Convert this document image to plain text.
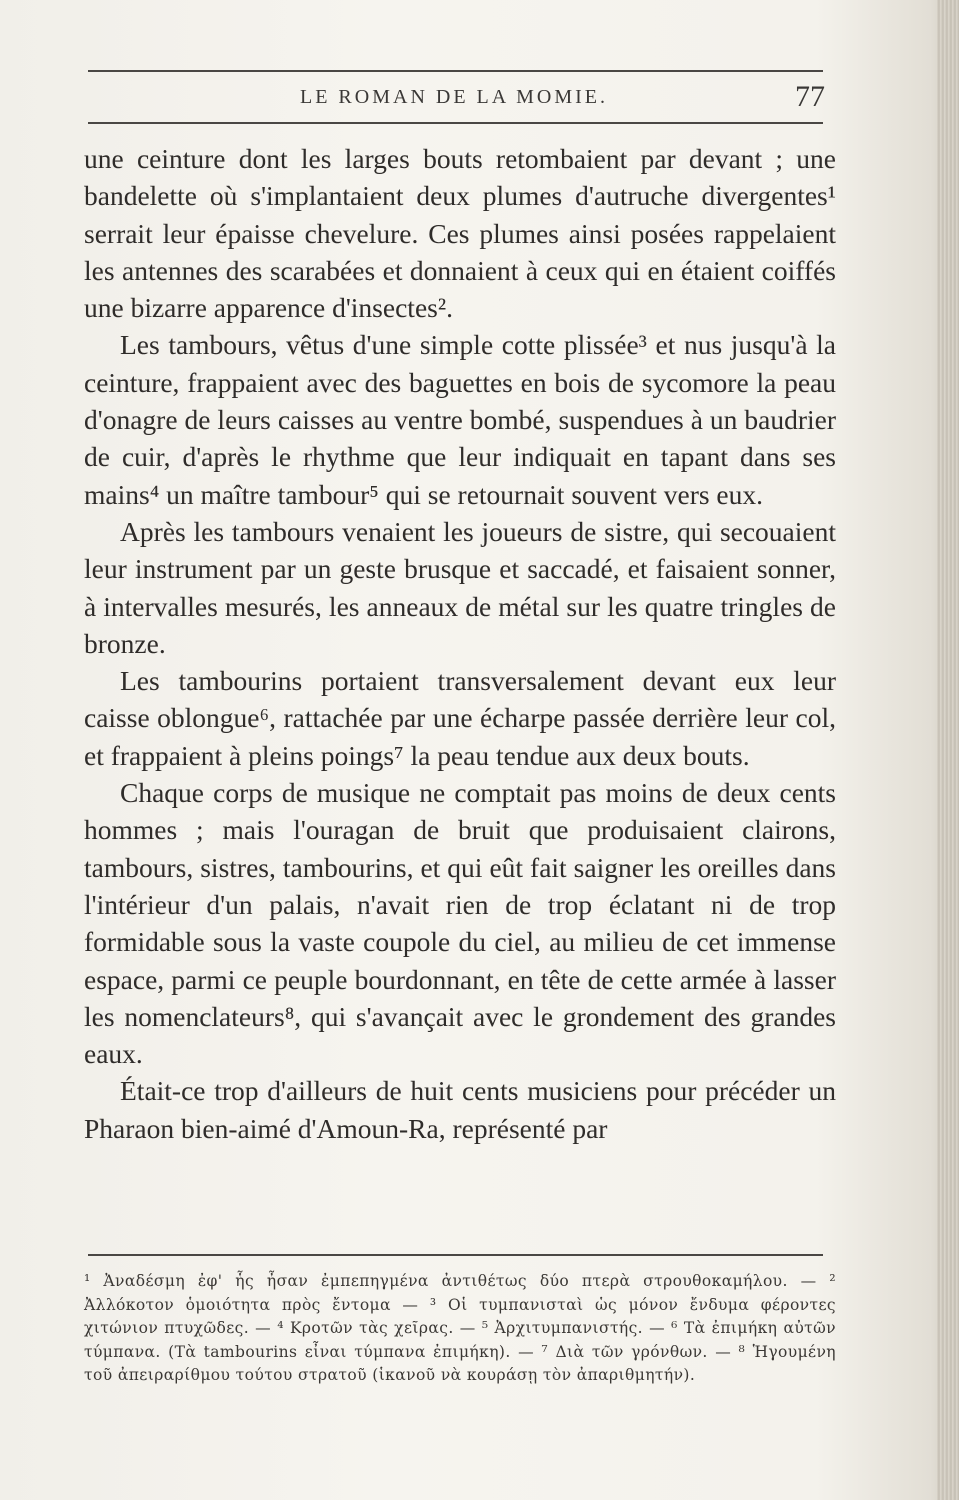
LE ROMAN DE LA MOMIE.	77

une ceinture dont les larges bouts retombaient par devant ; une bandelette où s'implantaient deux plumes d'autruche divergentes¹ serrait leur épaisse chevelure. Ces plumes ainsi posées rappelaient les antennes des scarabées et donnaient à ceux qui en étaient coiffés une bizarre apparence d'insectes².

Les tambours, vêtus d'une simple cotte plissée³ et nus jusqu'à la ceinture, frappaient avec des baguettes en bois de sycomore la peau d'onagre de leurs caisses au ventre bombé, suspendues à un baudrier de cuir, d'après le rhythme que leur indiquait en tapant dans ses mains⁴ un maître tambour⁵ qui se retournait souvent vers eux.

Après les tambours venaient les joueurs de sistre, qui secouaient leur instrument par un geste brusque et saccadé, et faisaient sonner, à intervalles mesurés, les anneaux de métal sur les quatre tringles de bronze.

Les tambourins portaient transversalement devant eux leur caisse oblongue⁶, rattachée par une écharpe passée derrière leur col, et frappaient à pleins poings⁷ la peau tendue aux deux bouts.

Chaque corps de musique ne comptait pas moins de deux cents hommes ; mais l'ouragan de bruit que produisaient clairons, tambours, sistres, tambourins, et qui eût fait saigner les oreilles dans l'intérieur d'un palais, n'avait rien de trop éclatant ni de trop formidable sous la vaste coupole du ciel, au milieu de cet immense espace, parmi ce peuple bourdonnant, en tête de cette armée à lasser les nomenclateurs⁸, qui s'avançait avec le grondement des grandes eaux.

Était-ce trop d'ailleurs de huit cents musiciens pour précéder un Pharaon bien-aimé d'Amoun-Ra, représenté par

¹ Ἀναδέσμη ἐφ' ἧς ἦσαν ἐμπεπηγμένα ἀντιθέτως δύο πτερὰ στρουθοκαμήλου. — ² Ἀλλόκοτον ὁμοιότητα πρὸς ἔντομα — ³ Οἱ τυμπανισταὶ ὡς μόνον ἔνδυμα φέροντες χιτώνιον πτυχῶδες. — ⁴ Κροτῶν τὰς χεῖρας. — ⁵ Ἀρχιτυμπανιστής. — ⁶ Τὰ ἐπιμήκη αὐτῶν τύμπανα. (Τὰ tambourins εἶναι τύμπανα ἐπιμήκη). — ⁷ Διὰ τῶν γρόνθων. — ⁸ Ἡγουμένη τοῦ ἀπειραρίθμου τούτου στρατοῦ (ἱκανοῦ νὰ κουράσῃ τὸν ἀπαριθμητήν).
